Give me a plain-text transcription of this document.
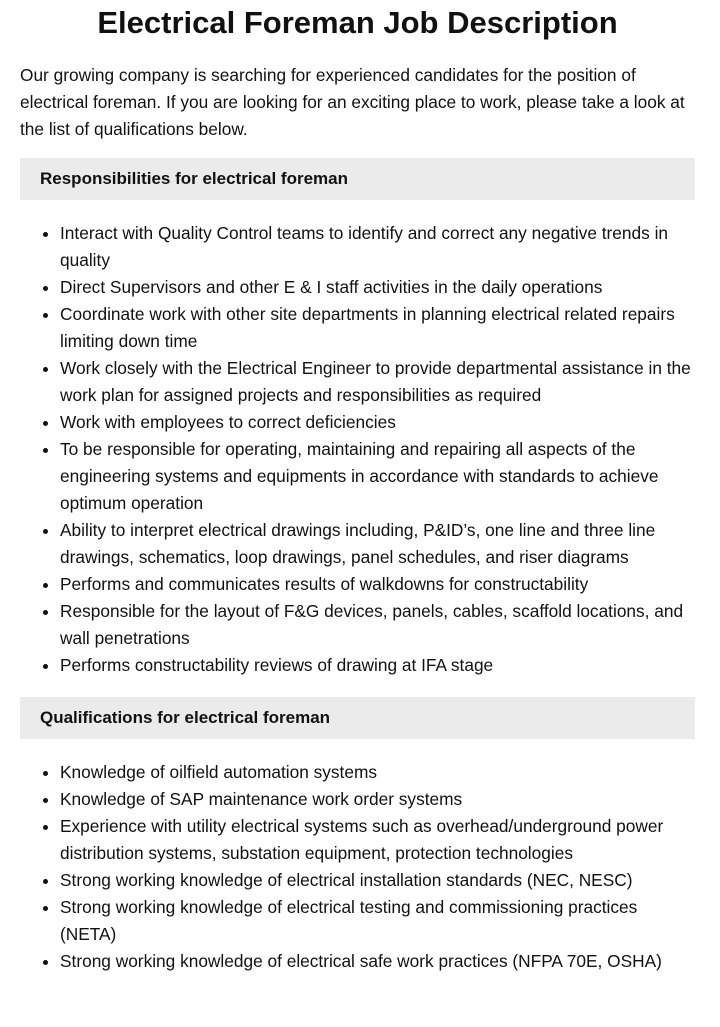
Electrical Foreman Job Description

Our growing company is searching for experienced candidates for the position of electrical foreman. If you are looking for an exciting place to work, please take a look at the list of qualifications below.

Responsibilities for electrical foreman
• Interact with Quality Control teams to identify and correct any negative trends in quality
• Direct Supervisors and other E & I staff activities in the daily operations
• Coordinate work with other site departments in planning electrical related repairs limiting down time
• Work closely with the Electrical Engineer to provide departmental assistance in the work plan for assigned projects and responsibilities as required
• Work with employees to correct deficiencies
• To be responsible for operating, maintaining and repairing all aspects of the engineering systems and equipments in accordance with standards to achieve optimum operation
• Ability to interpret electrical drawings including, P&ID’s, one line and three line drawings, schematics, loop drawings, panel schedules, and riser diagrams
• Performs and communicates results of walkdowns for constructability
• Responsible for the layout of F&G devices, panels, cables, scaffold locations, and wall penetrations
• Performs constructability reviews of drawing at IFA stage
Qualifications for electrical foreman
• Knowledge of oilfield automation systems
• Knowledge of SAP maintenance work order systems
• Experience with utility electrical systems such as overhead/underground power distribution systems, substation equipment, protection technologies
• Strong working knowledge of electrical installation standards (NEC, NESC)
• Strong working knowledge of electrical testing and commissioning practices (NETA)
• Strong working knowledge of electrical safe work practices (NFPA 70E, OSHA)
